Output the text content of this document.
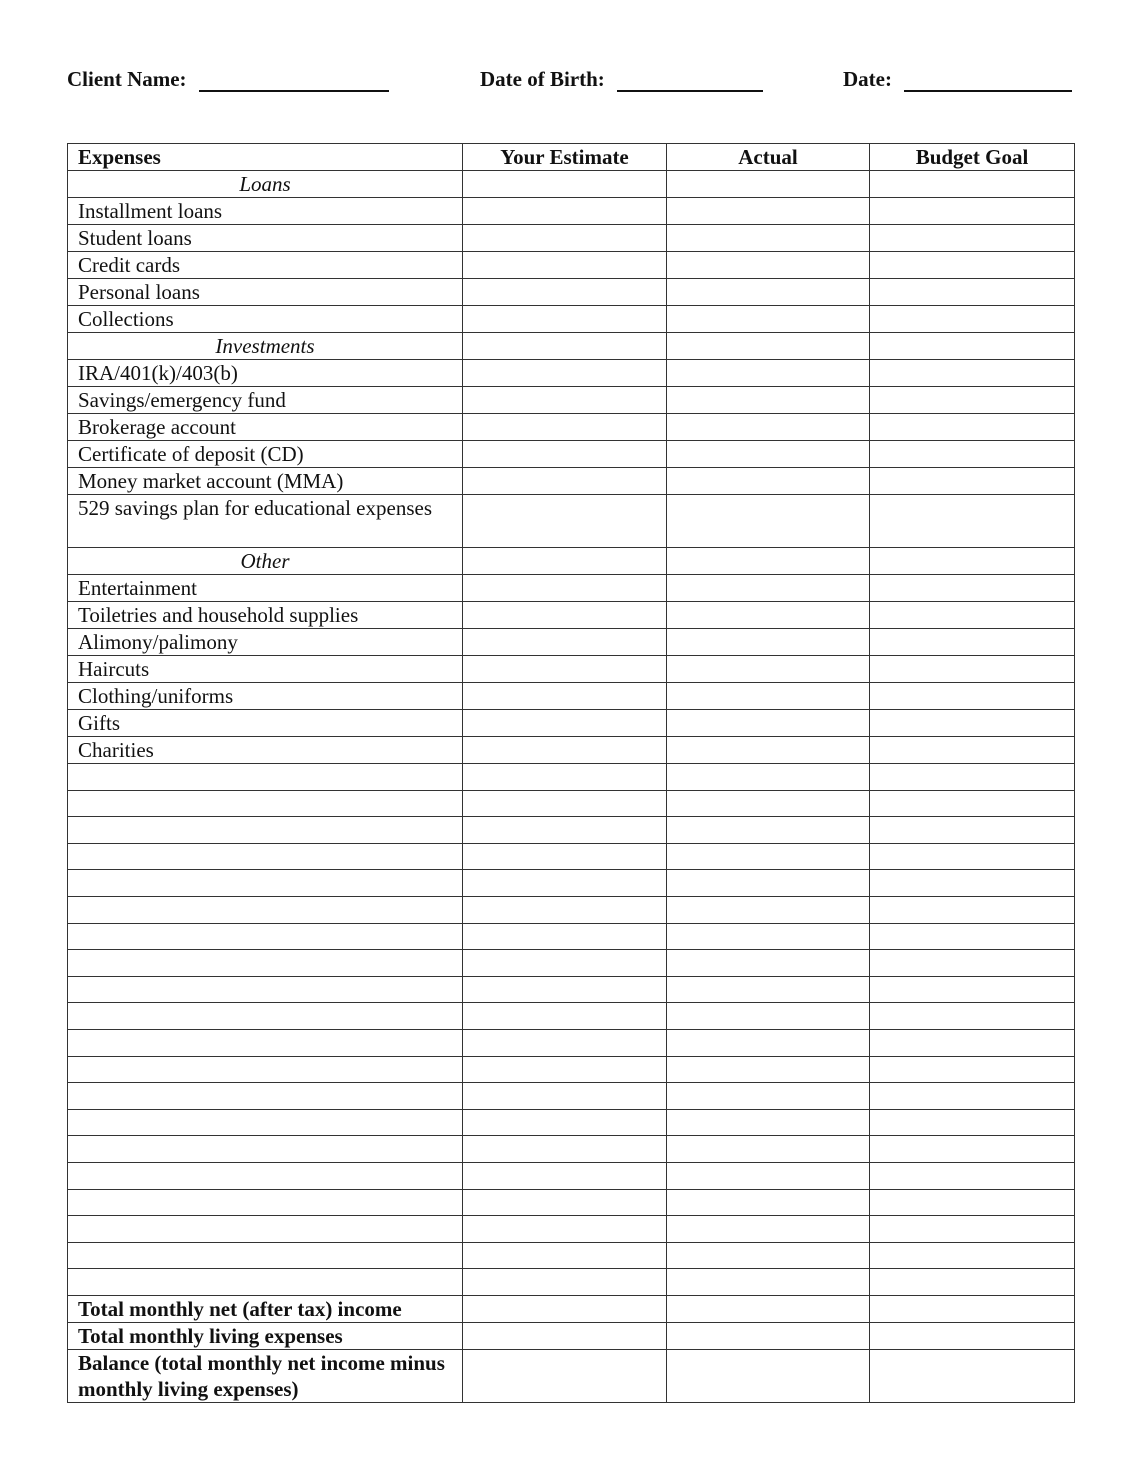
Client Name:	Date of Birth:	Date:
Expenses	Your Estimate	Actual	Budget Goal
Loans			
Installment loans			
Student loans			
Credit cards			
Personal loans			
Collections			
Investments			
IRA/401(k)/403(b)			
Savings/emergency fund			
Brokerage account			
Certificate of deposit (CD)			
Money market account (MMA)			
529 savings plan for educational expenses			
Other			
Entertainment			
Toiletries and household supplies			
Alimony/palimony			
Haircuts			
Clothing/uniforms			
Gifts			
Charities			

Total monthly net (after tax) income			
Total monthly living expenses			
Balance (total monthly net income minus monthly living expenses)			
